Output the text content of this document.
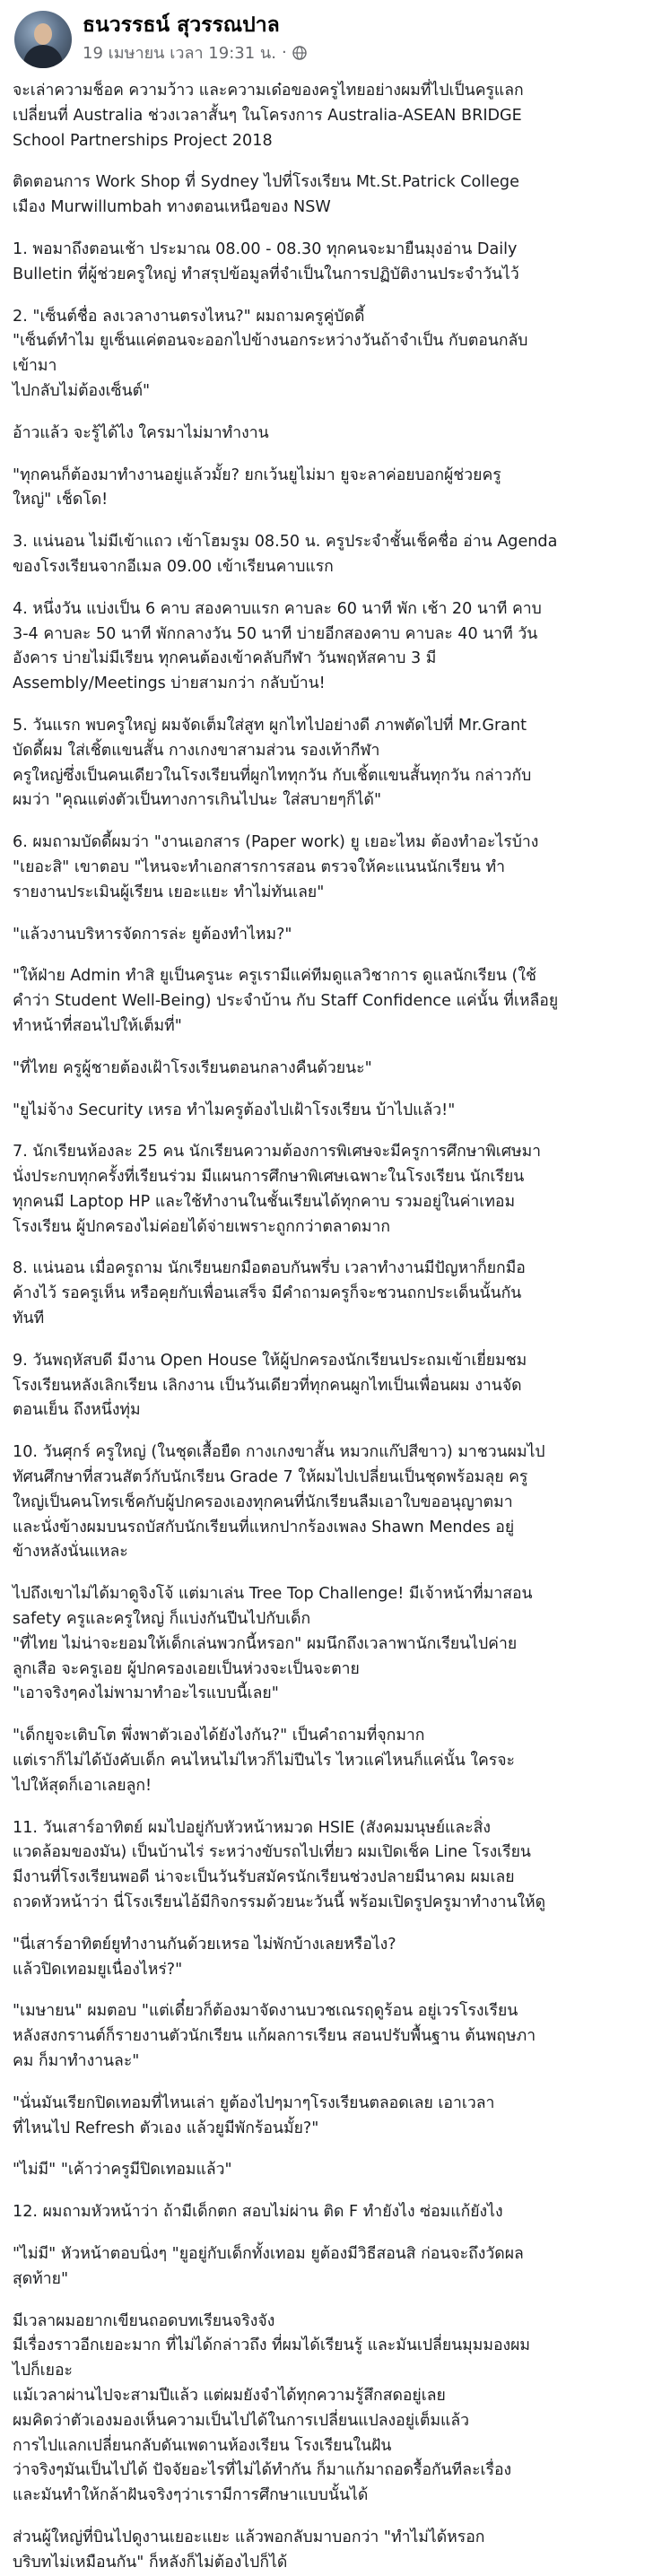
ธนวรรธน์ สุวรรณปาล
19 เมษายน เวลา 19:31 น. ·

จะเล่าความช็อค ความว้าว และความเด๋อของครูไทยอย่างผมที่ไปเป็นครูแลก
เปลี่ยนที่ Australia ช่วงเวลาสั้นๆ ในโครงการ Australia-ASEAN BRIDGE
School Partnerships Project 2018

ติดตอนการ Work Shop ที่ Sydney ไปที่โรงเรียน Mt.St.Patrick College
เมือง Murwillumbah ทางตอนเหนือของ NSW

1. พอมาถึงตอนเช้า ประมาณ 08.00 - 08.30 ทุกคนจะมายืนมุงอ่าน Daily
Bulletin ที่ผู้ช่วยครูใหญ่ ทำสรุปข้อมูลที่จำเป็นในการปฏิบัติงานประจำวันไว้

2. "เซ็นต์ชื่อ ลงเวลางานตรงไหน?" ผมถามครูคู่บัดดี้
"เซ็นต์ทำไม ยูเซ็นแค่ตอนจะออกไปข้างนอกระหว่างวันถ้าจำเป็น กับตอนกลับ
เข้ามา
ไปกลับไม่ต้องเซ็นต์"

อ้าวแล้ว จะรู้ได้ไง ใครมาไม่มาทำงาน

"ทุกคนก็ต้องมาทำงานอยู่แล้วมั้ย? ยกเว้นยูไม่มา ยูจะลาค่อยบอกผู้ช่วยครู
ใหญ่" เช็ดโด!

3. แน่นอน ไม่มีเข้าแถว เข้าโฮมรูม 08.50 น. ครูประจำชั้นเช็คชื่อ อ่าน Agenda
ของโรงเรียนจากอีเมล 09.00 เข้าเรียนคาบแรก

4. หนึ่งวัน แบ่งเป็น 6 คาบ สองคาบแรก คาบละ 60 นาที พัก เช้า 20 นาที คาบ
3-4 คาบละ 50 นาที พักกลางวัน 50 นาที บ่ายอีกสองคาบ คาบละ 40 นาที วัน
อังคาร บ่ายไม่มีเรียน ทุกคนต้องเข้าคลับกีฬา วันพฤหัสคาบ 3 มี
Assembly/Meetings บ่ายสามกว่า กลับบ้าน!

5. วันแรก พบครูใหญ่ ผมจัดเต็มใส่สูท ผูกไทไปอย่างดี ภาพตัดไปที่ Mr.Grant
บัดดี้ผม ใส่เชิ้ตแขนสั้น กางเกงขาสามส่วน รองเท้ากีฬา
ครูใหญ่ซึ่งเป็นคนเดียวในโรงเรียนที่ผูกไททุกวัน กับเชิ้ตแขนสั้นทุกวัน กล่าวกับ
ผมว่า "คุณแต่งตัวเป็นทางการเกินไปนะ ใส่สบายๆก็ได้"

6. ผมถามบัดดี้ผมว่า "งานเอกสาร (Paper work) ยู เยอะไหม ต้องทำอะไรบ้าง
"เยอะสิ" เขาตอบ "ไหนจะทำเอกสารการสอน ตรวจให้คะแนนนักเรียน ทำ
รายงานประเมินผู้เรียน เยอะแยะ ทำไม่ทันเลย"

"แล้วงานบริหารจัดการล่ะ ยูต้องทำไหม?"

"ให้ฝ่าย Admin ทำสิ ยูเป็นครูนะ ครูเรามีแค่ทีมดูแลวิชาการ ดูแลนักเรียน (ใช้
คำว่า Student Well-Being) ประจำบ้าน กับ Staff Confidence แค่นั้น ที่เหลือยู
ทำหน้าที่สอนไปให้เต็มที่"

"ที่ไทย ครูผู้ชายต้องเฝ้าโรงเรียนตอนกลางคืนด้วยนะ"

"ยูไม่จ้าง Security เหรอ ทำไมครูต้องไปเฝ้าโรงเรียน บ้าไปแล้ว!"

7. นักเรียนห้องละ 25 คน นักเรียนความต้องการพิเศษจะมีครูการศึกษาพิเศษมา
นั่งประกบทุกครั้งที่เรียนร่วม มีแผนการศึกษาพิเศษเฉพาะในโรงเรียน นักเรียน
ทุกคนมี Laptop HP และใช้ทำงานในชั้นเรียนได้ทุกคาบ รวมอยู่ในค่าเทอม
โรงเรียน ผู้ปกครองไม่ค่อยได้จ่ายเพราะถูกกว่าตลาดมาก

8. แน่นอน เมื่อครูถาม นักเรียนยกมือตอบกันพรึ่บ เวลาทำงานมีปัญหาก็ยกมือ
ค้างไว้ รอครูเห็น หรือคุยกับเพื่อนเสร็จ มีคำถามครูก็จะชวนถกประเด็นนั้นกัน
ทันที

9. วันพฤหัสบดี มีงาน Open House ให้ผู้ปกครองนักเรียนประถมเข้าเยี่ยมชม
โรงเรียนหลังเลิกเรียน เลิกงาน เป็นวันเดียวที่ทุกคนผูกไทเป็นเพื่อนผม งานจัด
ตอนเย็น ถึงหนึ่งทุ่ม

10. วันศุกร์ ครูใหญ่ (ในชุดเสื้อยืด กางเกงขาสั้น หมวกแก๊ปสีขาว) มาชวนผมไป
ทัศนศึกษาที่สวนสัตว์กับนักเรียน Grade 7 ให้ผมไปเปลี่ยนเป็นชุดพร้อมลุย ครู
ใหญ่เป็นคนโทรเช็คกับผู้ปกครองเองทุกคนที่นักเรียนลืมเอาใบขออนุญาตมา
และนั่งข้างผมบนรถบัสกับนักเรียนที่แหกปากร้องเพลง Shawn Mendes อยู่
ข้างหลังนั่นแหละ

ไปถึงเขาไม่ได้มาดูจิงโจ้ แต่มาเล่น Tree Top Challenge! มีเจ้าหน้าที่มาสอน
safety ครูและครูใหญ่ ก็แบ่งกันปีนไปกับเด็ก
"ที่ไทย ไม่น่าจะยอมให้เด็กเล่นพวกนี้หรอก" ผมนึกถึงเวลาพานักเรียนไปค่าย
ลูกเสือ จะครูเอย ผู้ปกครองเอยเป็นห่วงจะเป็นจะตาย
"เอาจริงๆคงไม่พามาทำอะไรแบบนี้เลย"

"เด็กยูจะเติบโต พึ่งพาตัวเองได้ยังไงกัน?" เป็นคำถามที่จุกมาก
แต่เราก็ไม่ได้บังคับเด็ก คนไหนไม่ไหวก็ไม่ปีนไร ไหวแค่ไหนก็แค่นั้น ใครจะ
ไปให้สุดก็เอาเลยลูก!

11. วันเสาร์อาทิตย์ ผมไปอยู่กับหัวหน้าหมวด HSIE (สังคมมนุษย์และสิ่ง
แวดล้อมของมัน) เป็นบ้านไร่ ระหว่างขับรถไปเที่ยว ผมเปิดเช็ค Line โรงเรียน
มีงานที่โรงเรียนพอดี น่าจะเป็นวันรับสมัครนักเรียนช่วงปลายมีนาคม ผมเลย
ถวดหัวหน้าว่า นี่โรงเรียนไอ้มีกิจกรรมด้วยนะวันนี้ พร้อมเปิดรูปครูมาทำงานให้ดู

"นี่เสาร์อาทิตย์ยูทำงานกันด้วยเหรอ ไม่พักบ้างเลยหรือไง?
แล้วปิดเทอมยูเนื่องไหร่?"

"เมษายน" ผมตอบ "แต่เดี๋ยวก็ต้องมาจัดงานบวชเณรฤดูร้อน อยู่เวรโรงเรียน
หลังสงกรานต์ก็รายงานตัวนักเรียน แก้ผลการเรียน สอนปรับพื้นฐาน ต้นพฤษภา
คม ก็มาทำงานละ"

"นั่นมันเรียกปิดเทอมที่ไหนเล่า ยูต้องไปๆมาๆโรงเรียนตลอดเลย เอาเวลา
ที่ไหนไป Refresh ตัวเอง แล้วยูมีพักร้อนมั้ย?"

"ไม่มี" "เค้าว่าครูมีปิดเทอมแล้ว"

12. ผมถามหัวหน้าว่า ถ้ามีเด็กตก สอบไม่ผ่าน ติด F ทำยังไง ซ่อมแก้ยังไง

"ไม่มี" หัวหน้าตอบนิ่งๆ "ยูอยู่กับเด็กทั้งเทอม ยูต้องมีวิธีสอนสิ ก่อนจะถึงวัดผล
สุดท้าย"

มีเวลาผมอยากเขียนถอดบทเรียนจริงจัง
มีเรื่องราวอีกเยอะมาก ที่ไม่ได้กล่าวถึง ที่ผมได้เรียนรู้ และมันเปลี่ยนมุมมองผม
ไปก็เยอะ
แม้เวลาผ่านไปจะสามปีแล้ว แต่ผมยังจำได้ทุกความรู้สึกสดอยู่เลย
ผมคิดว่าตัวเองมองเห็นความเป็นไปได้ในการเปลี่ยนแปลงอยู่เต็มแล้ว
การไปแลกเปลี่ยนกลับดันเพดานห้องเรียน โรงเรียนในฝัน
ว่าจริงๆมันเป็นไปได้ ปัจจัยอะไรที่ไม่ได้ทำกัน ก็มาแก้มาถอดรื้อกันทีละเรื่อง
และมันทำให้กล้าฝันจริงๆว่าเรามีการศึกษาแบบนั้นได้

ส่วนผู้ใหญ่ที่บินไปดูงานเยอะแยะ แล้วพอกลับมาบอกว่า "ทำไม่ได้หรอก
บริบทไม่เหมือนกัน" ก็หลังก็ไม่ต้องไปก็ได้
